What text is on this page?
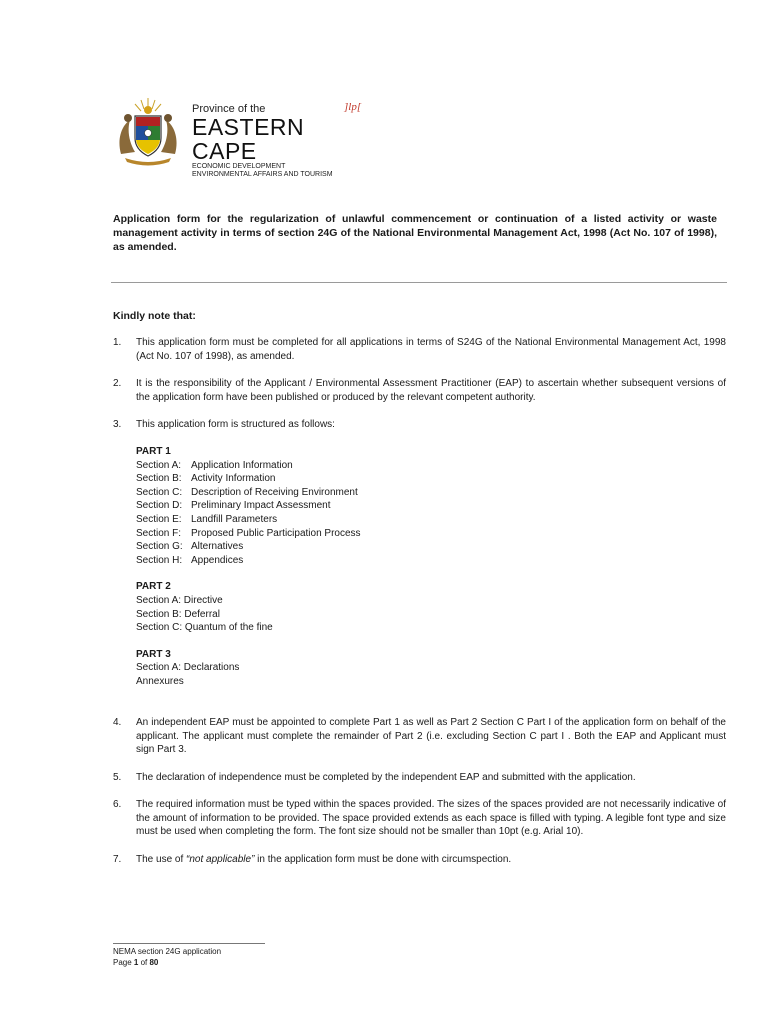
Province of the
EASTERN CAPE
ECONOMIC DEVELOPMENT
ENVIRONMENTAL AFFAIRS AND TOURISM
]lp[
Application form for the regularization of unlawful commencement or continuation of a listed activity or waste management activity in terms of section 24G of the National Environmental Management Act, 1998 (Act No. 107 of 1998), as amended.
Kindly note that:
1.	This application form must be completed for all applications in terms of S24G of the National Environmental Management Act, 1998 (Act No. 107 of 1998), as amended.
2.	It is the responsibility of the Applicant / Environmental Assessment Practitioner (EAP) to ascertain whether subsequent versions of the application form have been published or produced by the relevant competent authority.
3.	This application form is structured as follows:
PART 1
Section A: Application Information
Section B: Activity Information
Section C: Description of Receiving Environment
Section D: Preliminary Impact Assessment
Section E: Landfill Parameters
Section F: Proposed Public Participation Process
Section G: Alternatives
Section H: Appendices
PART 2
Section A: Directive
Section B: Deferral
Section C: Quantum of the fine
PART 3
Section A: Declarations
Annexures
4.	An independent EAP must be appointed to complete Part 1 as well as Part 2 Section C Part I of the application form on behalf of the applicant. The applicant must complete the remainder of Part 2 (i.e. excluding Section C part I . Both the EAP and Applicant must sign Part 3.
5.	The declaration of independence must be completed by the independent EAP and submitted with the application.
6.	The required information must be typed within the spaces provided. The sizes of the spaces provided are not necessarily indicative of the amount of information to be provided. The space provided extends as each space is filled with typing. A legible font type and size must be used when completing the form. The font size should not be smaller than 10pt (e.g. Arial 10).
7.	The use of “not applicable” in the application form must be done with circumspection.
NEMA section 24G application
Page 1 of 80
